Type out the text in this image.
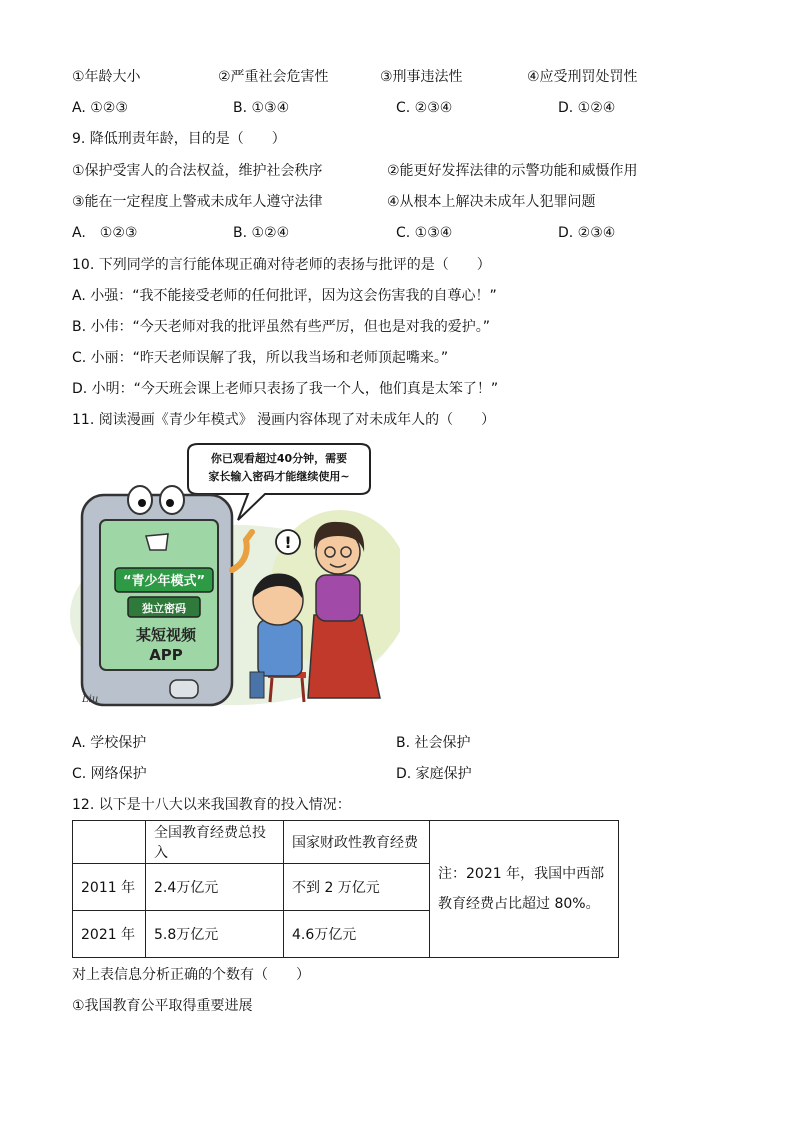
①年龄大小	②严重社会危害性	③刑事违法性	④应受刑罚处罚性
A. ①②③	B. ①③④	C. ②③④	D. ①②④
9. 降低刑责年龄，目的是（　　）
①保护受害人的合法权益，维护社会秩序	②能更好发挥法律的示警功能和威慑作用
③能在一定程度上警戒未成年人遵守法律	④从根本上解决未成年人犯罪问题
A.　①②③	B. ①②④	C. ①③④	D. ②③④
10. 下列同学的言行能体现正确对待老师的表扬与批评的是（　　）
A. 小强：“我不能接受老师的任何批评，因为这会伤害我的自尊心！”
B. 小伟：“今天老师对我的批评虽然有些严厉，但也是对我的爱护。”
C. 小丽：“昨天老师误解了我，所以我当场和老师顶起嘴来。”
D. 小明：“今天班会课上老师只表扬了我一个人，他们真是太笨了！”
11. 阅读漫画《青少年模式》 漫画内容体现了对未成年人的（　　）
你已观看超过40分钟，需要
家长输入密码才能继续使用~
“青少年模式”
独立密码
某短视频
APP
!
Liu
A. 学校保护	B. 社会保护
C. 网络保护	D. 家庭保护
12. 以下是十八大以来我国教育的投入情况：
	全国教育经费总投入	国家财政性教育经费	注：2021 年，我国中西部教育经费占比超过 80%。
2011 年	2.4万亿元	不到 2 万亿元	
2021 年	5.8万亿元	4.6万亿元	
对上表信息分析正确的个数有（　　）
①我国教育公平取得重要进展
